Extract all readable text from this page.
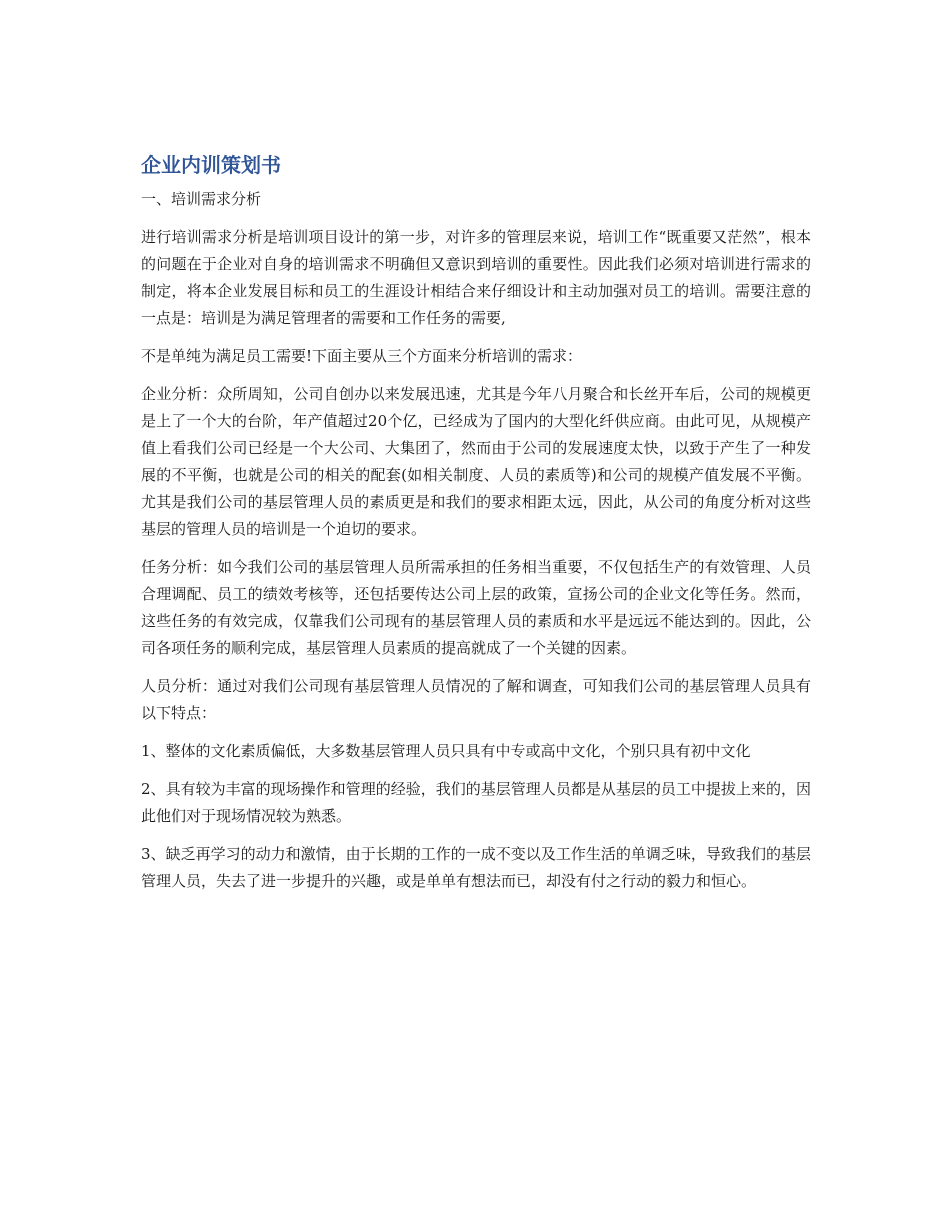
企业内训策划书
一、培训需求分析

进行培训需求分析是培训项目设计的第一步，对许多的管理层来说，培训工作“既重要又茫然”，根本的问题在于企业对自身的培训需求不明确但又意识到培训的重要性。因此我们必须对培训进行需求的制定，将本企业发展目标和员工的生涯设计相结合来仔细设计和主动加强对员工的培训。需要注意的一点是：培训是为满足管理者的需要和工作任务的需要,

不是单纯为满足员工需要!下面主要从三个方面来分析培训的需求：

企业分析：众所周知，公司自创办以来发展迅速，尤其是今年八月聚合和长丝开车后，公司的规模更是上了一个大的台阶，年产值超过20个亿，已经成为了国内的大型化纤供应商。由此可见，从规模产值上看我们公司已经是一个大公司、大集团了，然而由于公司的发展速度太快，以致于产生了一种发展的不平衡，也就是公司的相关的配套(如相关制度、人员的素质等)和公司的规模产值发展不平衡。尤其是我们公司的基层管理人员的素质更是和我们的要求相距太远，因此，从公司的角度分析对这些基层的管理人员的培训是一个迫切的要求。

任务分析：如今我们公司的基层管理人员所需承担的任务相当重要，不仅包括生产的有效管理、人员合理调配、员工的绩效考核等，还包括要传达公司上层的政策，宣扬公司的企业文化等任务。然而，这些任务的有效完成，仅靠我们公司现有的基层管理人员的素质和水平是远远不能达到的。因此，公司各项任务的顺利完成，基层管理人员素质的提高就成了一个关键的因素。

人员分析：通过对我们公司现有基层管理人员情况的了解和调查，可知我们公司的基层管理人员具有以下特点：

1、整体的文化素质偏低，大多数基层管理人员只具有中专或高中文化，个别只具有初中文化

2、具有较为丰富的现场操作和管理的经验，我们的基层管理人员都是从基层的员工中提拔上来的，因此他们对于现场情况较为熟悉。

3、缺乏再学习的动力和激情，由于长期的工作的一成不变以及工作生活的单调乏味，导致我们的基层管理人员，失去了进一步提升的兴趣，或是单单有想法而已，却没有付之行动的毅力和恒心。
